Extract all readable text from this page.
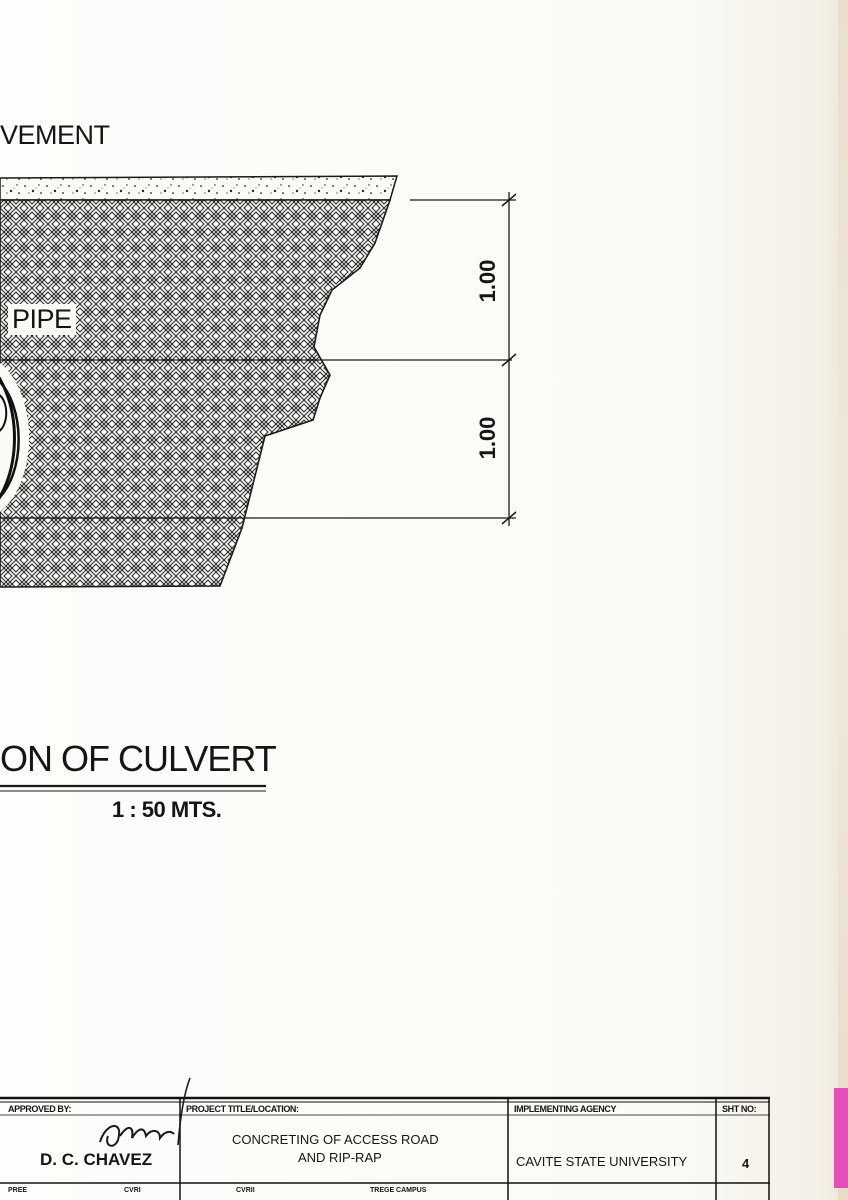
VEMENT
PIPE
1.00
1.00
ON OF CULVERT
1 : 50 MTS.
APPROVED BY:
D. C. CHAVEZ
PREE	CVRI
PROJECT TITLE/LOCATION:
CONCRETING OF ACCESS ROAD
AND RIP-RAP
CVRII	TREGE CAMPUS
IMPLEMENTING AGENCY
CAVITE STATE UNIVERSITY
SHT NO:
4
